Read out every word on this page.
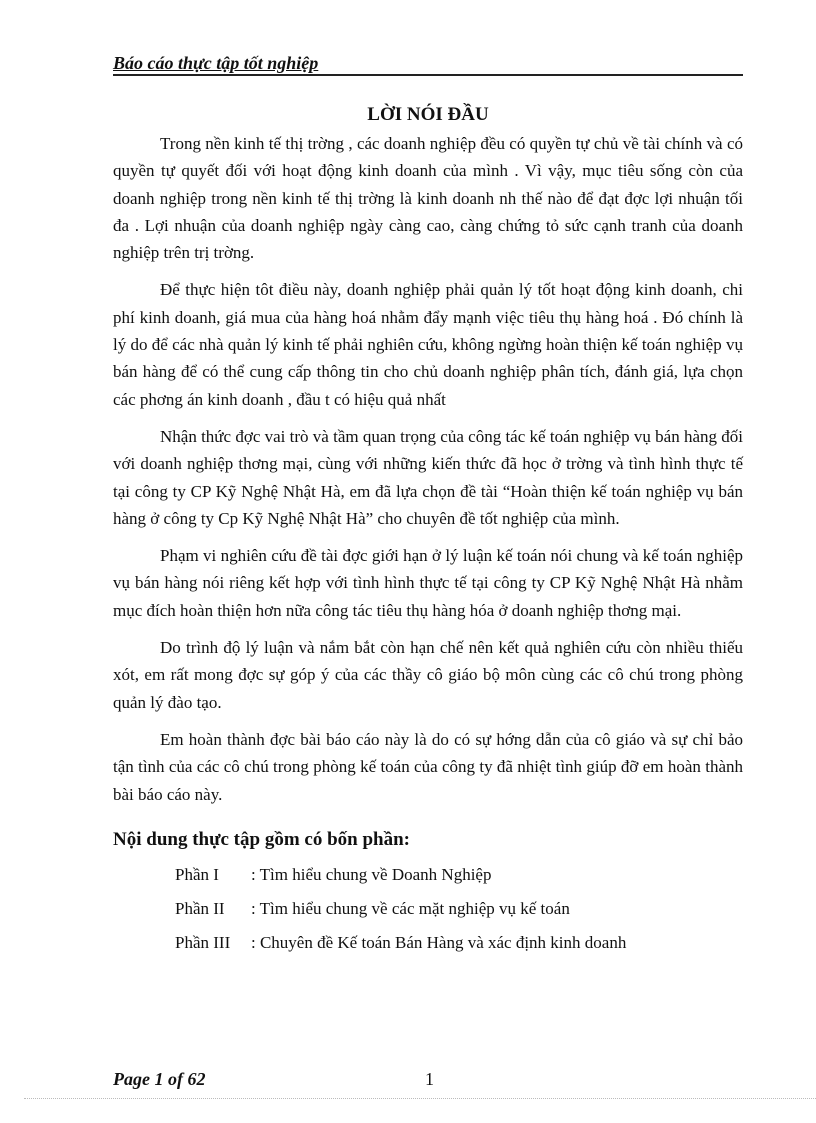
Báo cáo thực tập tốt nghiệp
LỜI NÓI ĐẦU

Trong nền kinh tế thị trờng , các doanh nghiệp đều có quyền tự chủ về tài chính và có quyền tự quyết đối với hoạt động kinh doanh của mình . Vì vậy, mục tiêu sống còn của doanh nghiệp trong nền kinh tế thị trờng là kinh doanh nh thế nào để đạt đợc lợi nhuận tối đa . Lợi nhuận của doanh nghiệp ngày càng cao, càng chứng tỏ sức cạnh tranh của doanh nghiệp trên trị trờng.

Để thực hiện tôt điều này, doanh nghiệp phải quản lý tốt hoạt động kinh doanh, chi phí kinh doanh, giá mua của hàng hoá nhằm đẩy mạnh việc tiêu thụ hàng hoá . Đó chính là lý do để các nhà quản lý kinh tế phải nghiên cứu, không ngừng hoàn thiện kế toán nghiệp vụ bán hàng để có thể cung cấp thông tin cho chủ doanh nghiệp phân tích, đánh giá, lựa chọn các phơng án kinh doanh , đầu t có hiệu quả nhất

Nhận thức đợc vai trò và tầm quan trọng của công tác kế toán nghiệp vụ bán hàng đối với doanh nghiệp thơng mại, cùng với những kiến thức đã học ở trờng và tình hình thực tế tại công ty CP Kỹ Nghệ Nhật Hà, em đã lựa chọn đề tài “Hoàn thiện kế toán nghiệp vụ bán hàng ở công ty Cp Kỹ Nghệ Nhật Hà” cho chuyên đề tốt nghiệp của mình.

Phạm vi nghiên cứu đề tài đợc giới hạn ở lý luận kế toán nói chung và kế toán nghiệp vụ bán hàng nói riêng kết hợp với tình hình thực tế tại công ty CP Kỹ Nghệ Nhật Hà nhằm mục đích hoàn thiện hơn nữa công tác tiêu thụ hàng hóa ở doanh nghiệp thơng mại.

Do trình độ lý luận và nắm bắt còn hạn chế nên kết quả nghiên cứu còn nhiều thiếu xót, em rất mong đợc sự góp ý của các thầy cô giáo bộ môn cùng các cô chú trong phòng quản lý đào tạo.

Em hoàn thành đợc bài báo cáo này là do có sự hớng dẫn của cô giáo và sự chỉ bảo tận tình của các cô chú trong phòng kế toán của công ty đã nhiệt tình giúp đỡ em hoàn thành bài báo cáo này.

Nội dung thực tập gồm có bốn phần:
Phần I : Tìm hiểu chung về Doanh Nghiệp
Phần II : Tìm hiểu chung về các mặt nghiệp vụ kế toán
Phần III : Chuyên đề Kế toán Bán Hàng và xác định kinh doanh
Page 1 of 62	1
